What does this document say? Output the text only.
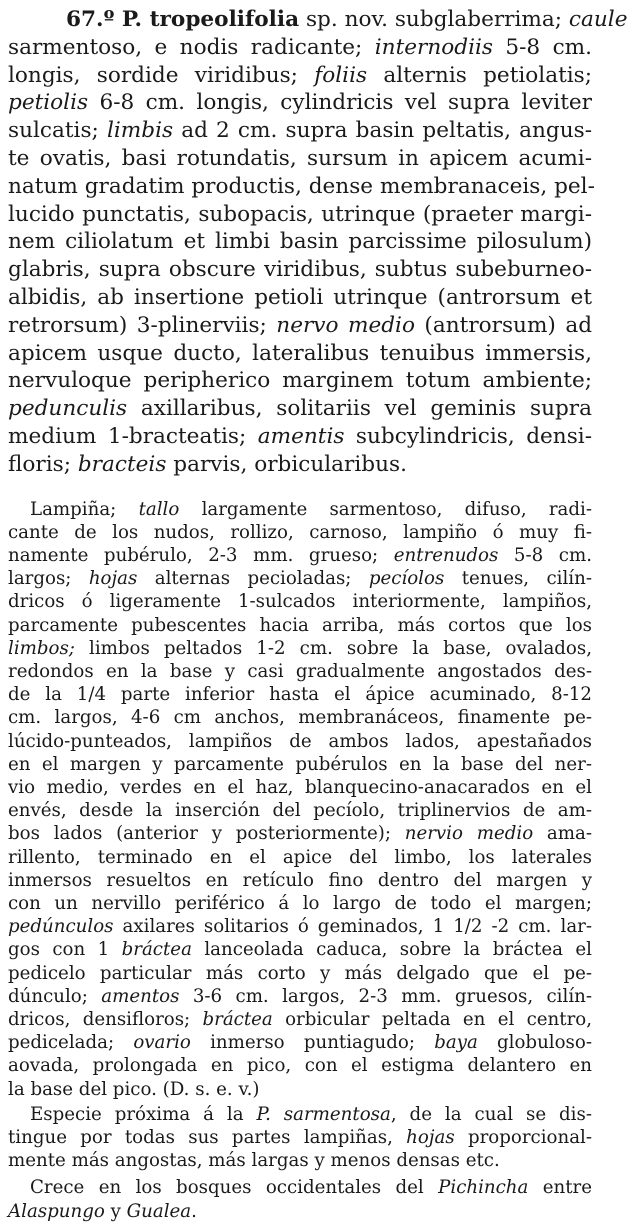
67.º P. tropeolifolia sp. nov. subglaberrima; caule
sarmentoso, e nodis radicante; internodiis 5-8 cm.
longis, sordide viridibus; foliis alternis petiolatis;
petiolis 6-8 cm. longis, cylindricis vel supra leviter
sulcatis; limbis ad 2 cm. supra basin peltatis, angus-
te ovatis, basi rotundatis, sursum in apicem acumi-
natum gradatim productis, dense membranaceis, pel-
lucido punctatis, subopacis, utrinque (praeter margi-
nem ciliolatum et limbi basin parcissime pilosulum)
glabris, supra obscure viridibus, subtus subeburneo-
albidis, ab insertione petioli utrinque (antrorsum et
retrorsum) 3-plinerviis; nervo medio (antrorsum) ad
apicem usque ducto, lateralibus tenuibus immersis,
nervuloque peripherico marginem totum ambiente;
pedunculis axillaribus, solitariis vel geminis supra
medium 1-bracteatis; amentis subcylindricis, densi-
floris; bracteis parvis, orbicularibus.
Lampiña; tallo largamente sarmentoso, difuso, radi-
cante de los nudos, rollizo, carnoso, lampiño ó muy fi-
namente pubérulo, 2-3 mm. grueso; entrenudos 5-8 cm.
largos; hojas alternas pecioladas; pecíolos tenues, cilín-
dricos ó ligeramente 1-sulcados interiormente, lampiños,
parcamente pubescentes hacia arriba, más cortos que los
limbos; limbos peltados 1-2 cm. sobre la base, ovalados,
redondos en la base y casi gradualmente angostados des-
de la 1/4 parte inferior hasta el ápice acuminado, 8-12
cm. largos, 4-6 cm anchos, membranáceos, finamente pe-
lúcido-punteados, lampiños de ambos lados, apestañados
en el margen y parcamente pubérulos en la base del ner-
vio medio, verdes en el haz, blanquecino-anacarados en el
envés, desde la inserción del pecíolo, triplinervios de am-
bos lados (anterior y posteriormente); nervio medio ama-
rillento, terminado en el apice del limbo, los laterales
inmersos resueltos en retículo fino dentro del margen y
con un nervillo periférico á lo largo de todo el margen;
pedúnculos axilares solitarios ó geminados, 1 1/2 -2 cm. lar-
gos con 1 bráctea lanceolada caduca, sobre la bráctea el
pedicelo particular más corto y más delgado que el pe-
dúnculo; amentos 3-6 cm. largos, 2-3 mm. gruesos, cilín-
dricos, densifloros; bráctea orbicular peltada en el centro,
pedicelada; ovario inmerso puntiagudo; baya globuloso-
aovada, prolongada en pico, con el estigma delantero en
la base del pico. (D. s. e. v.)
Especie próxima á la P. sarmentosa, de la cual se dis-
tingue por todas sus partes lampiñas, hojas proporcional-
mente más angostas, más largas y menos densas etc.
Crece en los bosques occidentales del Pichincha entre
Alaspungo y Gualea.
